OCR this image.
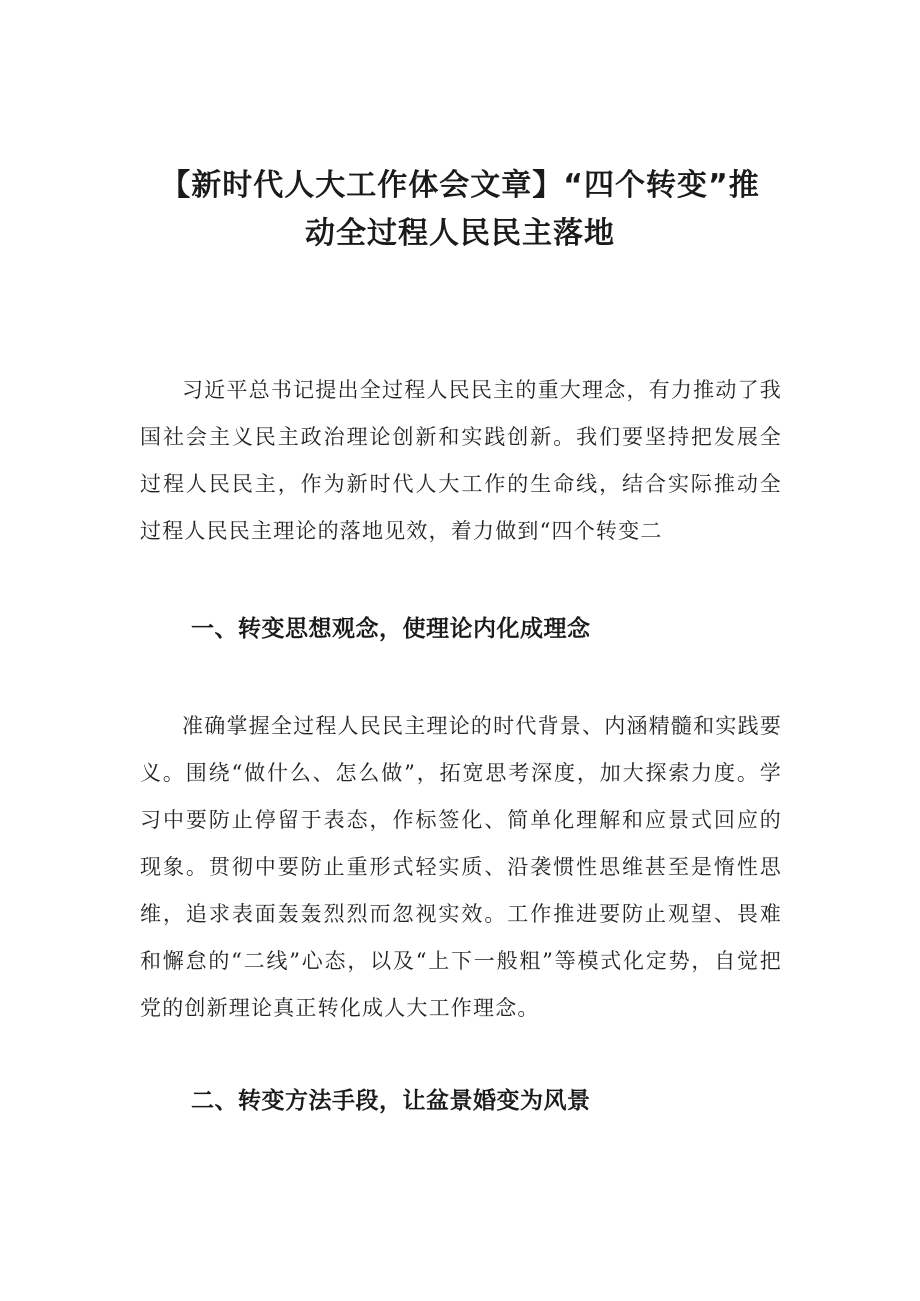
【新时代人大工作体会文章】“四个转变”推
动全过程人民民主落地

习近平总书记提出全过程人民民主的重大理念，有力推动了我国社会主义民主政治理论创新和实践创新。我们要坚持把发展全过程人民民主，作为新时代人大工作的生命线，结合实际推动全过程人民民主理论的落地见效，着力做到“四个转变二

一、转变思想观念，使理论内化成理念

准确掌握全过程人民民主理论的时代背景、内涵精髓和实践要义。围绕“做什么、怎么做”，拓宽思考深度，加大探索力度。学习中要防止停留于表态，作标签化、简单化理解和应景式回应的现象。贯彻中要防止重形式轻实质、沿袭惯性思维甚至是惰性思维，追求表面轰轰烈烈而忽视实效。工作推进要防止观望、畏难和懈怠的“二线”心态，以及“上下一般粗”等模式化定势，自觉把党的创新理论真正转化成人大工作理念。

二、转变方法手段，让盆景婚变为风景
